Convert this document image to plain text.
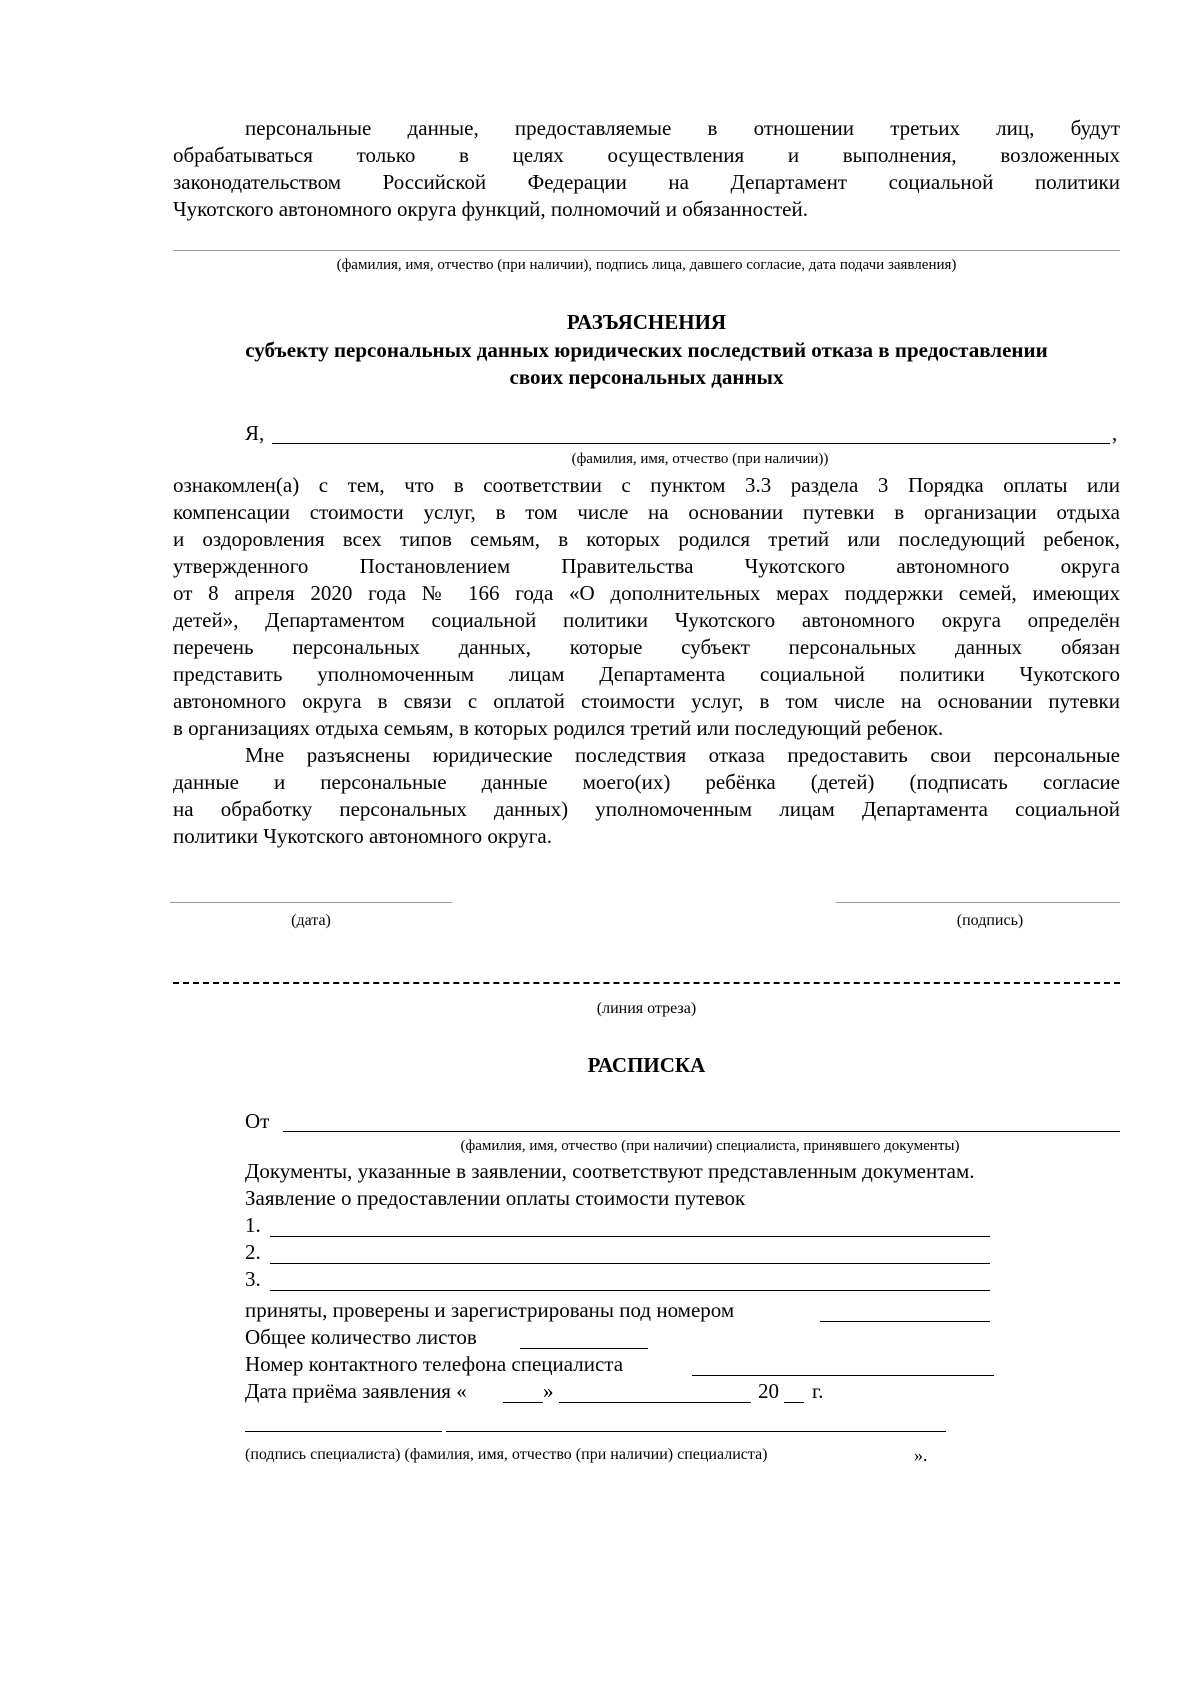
персональные данные, предоставляемые в отношении третьих лиц, будут
обрабатываться только в целях осуществления и выполнения, возложенных
законодательством Российской Федерации на Департамент социальной политики
Чукотского автономного округа функций, полномочий и обязанностей.
(фамилия, имя, отчество (при наличии), подпись лица, давшего согласие, дата подачи заявления)
РАЗЪЯСНЕНИЯ
субъекту персональных данных юридических последствий отказа в предоставлении
своих персональных данных
Я,	,
(фамилия, имя, отчество (при наличии))
ознакомлен(а) с тем, что в соответствии с пунктом 3.3 раздела 3 Порядка оплаты или
компенсации стоимости услуг, в том числе на основании путевки в организации отдыха
и оздоровления всех типов семьям, в которых родился третий или последующий ребенок,
утвержденного Постановлением Правительства Чукотского автономного округа
от 8 апреля 2020 года № 166 года «О дополнительных мерах поддержки семей, имеющих
детей», Департаментом социальной политики Чукотского автономного округа определён
перечень персональных данных, которые субъект персональных данных обязан
представить уполномоченным лицам Департамента социальной политики Чукотского
автономного округа в связи с оплатой стоимости услуг, в том числе на основании путевки
в организациях отдыха семьям, в которых родился третий или последующий ребенок.
Мне разъяснены юридические последствия отказа предоставить свои персональные
данные и персональные данные моего(их) ребёнка (детей) (подписать согласие
на обработку персональных данных) уполномоченным лицам Департамента социальной
политики Чукотского автономного округа.
(дата)	(подпись)
(линия отреза)
РАСПИСКА
От
(фамилия, имя, отчество (при наличии) специалиста, принявшего документы)
Документы, указанные в заявлении, соответствуют представленным документам.
Заявление о предоставлении оплаты стоимости путевок
1.
2.
3.
приняты, проверены и зарегистрированы под номером
Общее количество листов
Номер контактного телефона специалиста
Дата приёма заявления «	»	20 г.
(подпись специалиста) (фамилия, имя, отчество (при наличии) специалиста)	».
